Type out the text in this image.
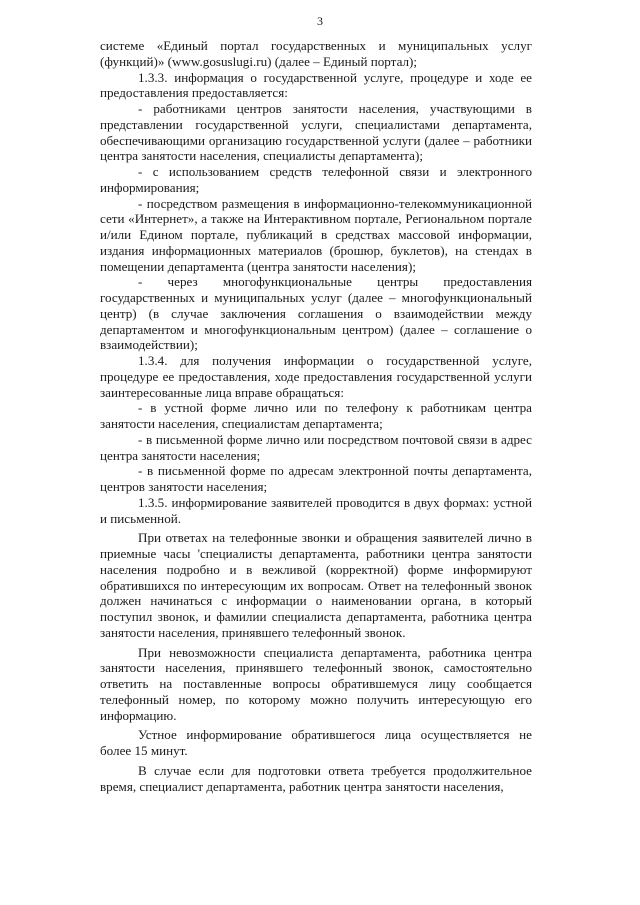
3

системе «Единый портал государственных и муниципальных услуг (функций)» (www.gosuslugi.ru) (далее – Единый портал);

1.3.3. информация о государственной услуге, процедуре и ходе ее предоставления предоставляется:

- работниками центров занятости населения, участвующими в представлении государственной услуги, специалистами департамента, обеспечивающими организацию государственной услуги (далее – работники центра занятости населения, специалисты департамента);

- с использованием средств телефонной связи и электронного информирования;

- посредством размещения в информационно-телекоммуникационной сети «Интернет», а также на Интерактивном портале, Региональном портале и/или Едином портале, публикаций в средствах массовой информации, издания информационных материалов (брошюр, буклетов), на стендах в помещении департамента (центра занятости населения);

- через многофункциональные центры предоставления государственных и муниципальных услуг (далее – многофункциональный центр) (в случае заключения соглашения о взаимодействии между департаментом и многофункциональным центром) (далее – соглашение о взаимодействии);

1.3.4. для получения информации о государственной услуге, процедуре ее предоставления, ходе предоставления государственной услуги заинтересованные лица вправе обращаться:

- в устной форме лично или по телефону к работникам центра занятости населения, специалистам департамента;

- в письменной форме лично или посредством почтовой связи в адрес центра занятости населения;

- в письменной форме по адресам электронной почты департамента, центров занятости населения;

1.3.5. информирование заявителей проводится в двух формах: устной и письменной.

При ответах на телефонные звонки и обращения заявителей лично в приемные часы 'специалисты департамента, работники центра занятости населения подробно и в вежливой (корректной) форме информируют обратившихся по интересующим их вопросам. Ответ на телефонный звонок должен начинаться с информации о наименовании органа, в который поступил звонок, и фамилии специалиста департамента, работника центра занятости населения, принявшего телефонный звонок.

При невозможности специалиста департамента, работника центра занятости населения, принявшего телефонный звонок, самостоятельно ответить на поставленные вопросы обратившемуся лицу сообщается телефонный номер, по которому можно получить интересующую его информацию.

Устное информирование обратившегося лица осуществляется не более 15 минут.

В случае если для подготовки ответа требуется продолжительное время, специалист департамента, работник центра занятости населения,
